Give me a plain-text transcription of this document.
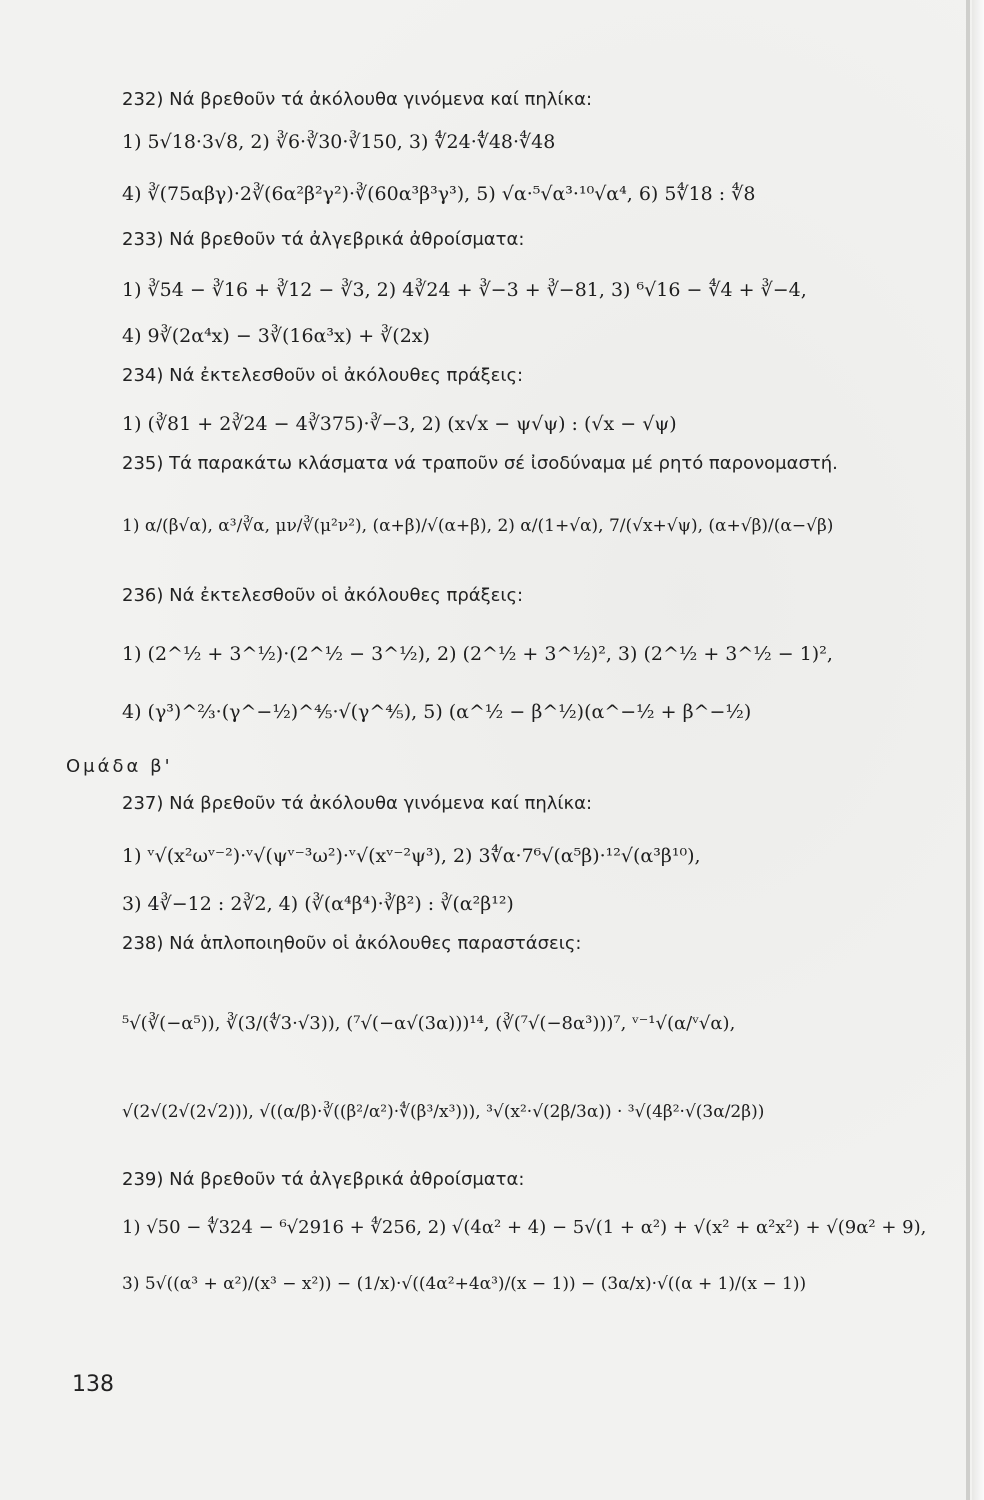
232) Νά βρεθοῦν τά ἀκόλουθα γινόμενα καί πηλίκα:
1) 5√18·3√8, 2) ∛6·∛30·∛150, 3) ∜24·∜48·∜48
4) ∛(75αβγ)·2∛(6α²β²γ²)·∛(60α³β³γ³), 5) √α·⁵√α³·¹⁰√α⁴, 6) 5∜18 : ∜8
233) Νά βρεθοῦν τά ἀλγεβρικά ἀθροίσματα:
1) ∛54 − ∛16 + ∛12 − ∛3, 2) 4∛24 + ∛−3 + ∛−81, 3) ⁶√16 − ∜4 + ∛−4,
4) 9∛(2α⁴x) − 3∛(16α³x) + ∛(2x)
234) Νά ἐκτελεσθοῦν οἱ ἀκόλουθες πράξεις:
1) (∛81 + 2∛24 − 4∛375)·∛−3, 2) (x√x − ψ√ψ) : (√x − √ψ)
235) Τά παρακάτω κλάσματα νά τραποῦν σέ ἰσοδύναμα μέ ρητό παρονομαστή.
1) α/(β√α), α³/∛α, μν/∛(μ²ν²), (α+β)/√(α+β), 2) α/(1+√α), 7/(√x+√ψ), (α+√β)/(α−√β)
236) Νά ἐκτελεσθοῦν οἱ ἀκόλουθες πράξεις:
1) (2^½ + 3^½)·(2^½ − 3^½), 2) (2^½ + 3^½)², 3) (2^½ + 3^½ − 1)²,
4) (γ³)^⅔·(γ^−½)^⅘·√(γ^⅘), 5) (α^½ − β^½)(α^−½ + β^−½)
Ομάδα β'
237) Νά βρεθοῦν τά ἀκόλουθα γινόμενα καί πηλίκα:
1) ᵛ√(x²ωᵛ⁻²)·ᵛ√(ψᵛ⁻³ω²)·ᵛ√(xᵛ⁻²ψ³), 2) 3∜α·7⁶√(α⁵β)·¹²√(α³β¹⁰),
3) 4∛−12 : 2∛2, 4) (∛(α⁴β⁴)·∛β²) : ∛(α²β¹²)
238) Νά ἁπλοποιηθοῦν οἱ ἀκόλουθες παραστάσεις:
⁵√(∛(−α⁵)), ∛(3/(∜3·√3)), (⁷√(−α√(3α)))¹⁴, (∛(⁷√(−8α³)))⁷, ᵛ⁻¹√(α/ᵛ√α),
√(2√(2√(2√2))), √((α/β)·∛((β²/α²)·∜(β³/x³))), ³√(x²·√(2β/3α)) · ³√(4β²·√(3α/2β))
239) Νά βρεθοῦν τά ἀλγεβρικά ἀθροίσματα:
1) √50 − ∜324 − ⁶√2916 + ∜256, 2) √(4α² + 4) − 5√(1 + α²) + √(x² + α²x²) + √(9α² + 9),
3) 5√((α³ + α²)/(x³ − x²)) − (1/x)·√((4α²+4α³)/(x − 1)) − (3α/x)·√((α + 1)/(x − 1))
138
